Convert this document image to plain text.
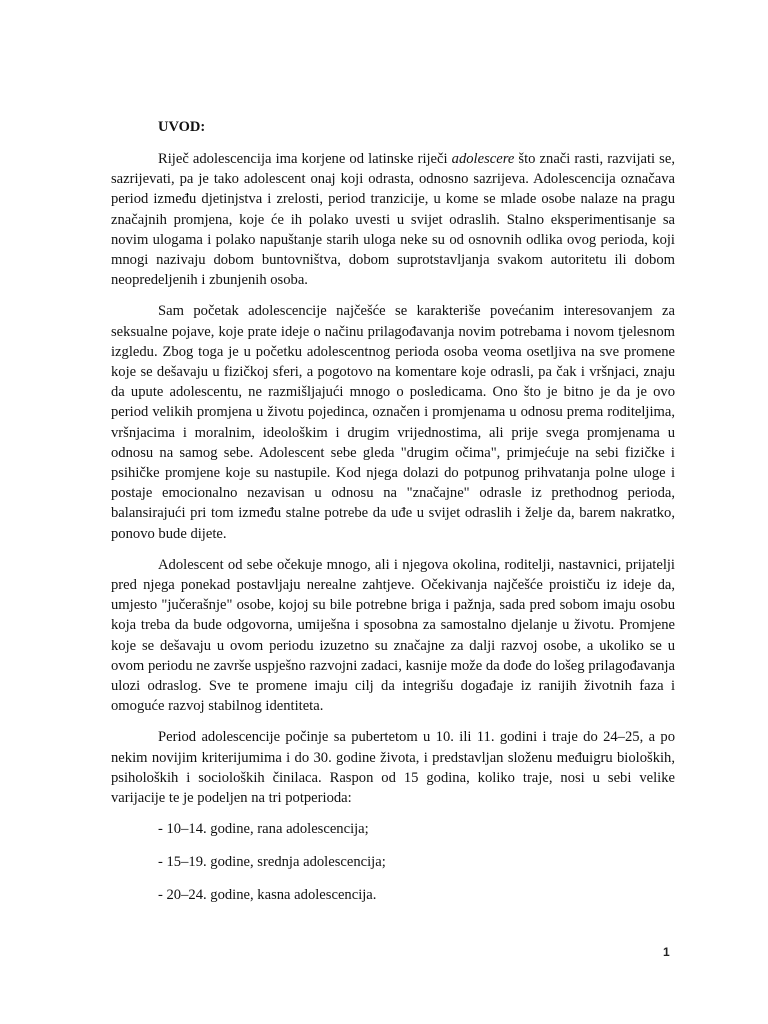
UVOD:

Riječ adolescencija ima korjene od latinske riječi adolescere što znači rasti, razvijati se, sazrijevati, pa je tako adolescent onaj koji odrasta, odnosno sazrijeva. Adolescencija označava period između djetinjstva i zrelosti, period tranzicije, u kome se mlade osobe nalaze na pragu značajnih promjena, koje će ih polako uvesti u svijet odraslih. Stalno eksperimentisanje sa novim ulogama i polako napuštanje starih uloga neke su od osnovnih odlika ovog perioda, koji mnogi nazivaju dobom buntovništva, dobom suprotstavljanja svakom autoritetu ili dobom neopredeljenih i zbunjenih osoba.

Sam početak adolescencije najčešće se karakteriše povećanim interesovanjem za seksualne pojave, koje prate ideje o načinu prilagođavanja novim potrebama i novom tjelesnom izgledu. Zbog toga je u početku adolescentnog perioda osoba veoma osetljiva na sve promene koje se dešavaju u fizičkoj sferi, a pogotovo na komentare koje odrasli, pa čak i vršnjaci, znaju da upute adolescentu, ne razmišljajući mnogo o posledicama. Ono što je bitno je da je ovo period velikih promjena u životu pojedinca, označen i promjenama u odnosu prema roditeljima, vršnjacima i moralnim, ideološkim i drugim vrijednostima, ali prije svega promjenama u odnosu na samog sebe. Adolescent sebe gleda "drugim očima", primjećuje na sebi fizičke i psihičke promjene koje su nastupile. Kod njega dolazi do potpunog prihvatanja polne uloge i postaje emocionalno nezavisan u odnosu na "značajne" odrasle iz prethodnog perioda, balansirajući pri tom između stalne potrebe da uđe u svijet odraslih i želje da, barem nakratko, ponovo bude dijete.

Adolescent od sebe očekuje mnogo, ali i njegova okolina, roditelji, nastavnici, prijatelji pred njega ponekad postavljaju nerealne zahtjeve. Očekivanja najčešće proističu iz ideje da, umjesto "jučerašnje" osobe, kojoj su bile potrebne briga i pažnja, sada pred sobom imaju osobu koja treba da bude odgovorna, umiješna i sposobna za samostalno djelanje u životu. Promjene koje se dešavaju u ovom periodu izuzetno su značajne za dalji razvoj osobe, a ukoliko se u ovom periodu ne završe uspješno razvojni zadaci, kasnije može da dođe do lošeg prilagođavanja ulozi odraslog. Sve te promene imaju cilj da integrišu događaje iz ranijih životnih faza i omoguće razvoj stabilnog identiteta.

Period adolescencije počinje sa pubertetom u 10. ili 11. godini i traje do 24–25, a po nekim novijim kriterijumima i do 30. godine života, i predstavljan složenu međuigru bioloških, psiholoških i socioloških činilaca. Raspon od 15 godina, koliko traje, nosi u sebi velike varijacije te je podeljen na tri potperioda:

- 10–14. godine, rana adolescencija;
- 15–19. godine, srednja adolescencija;
- 20–24. godine, kasna adolescencija.
1
